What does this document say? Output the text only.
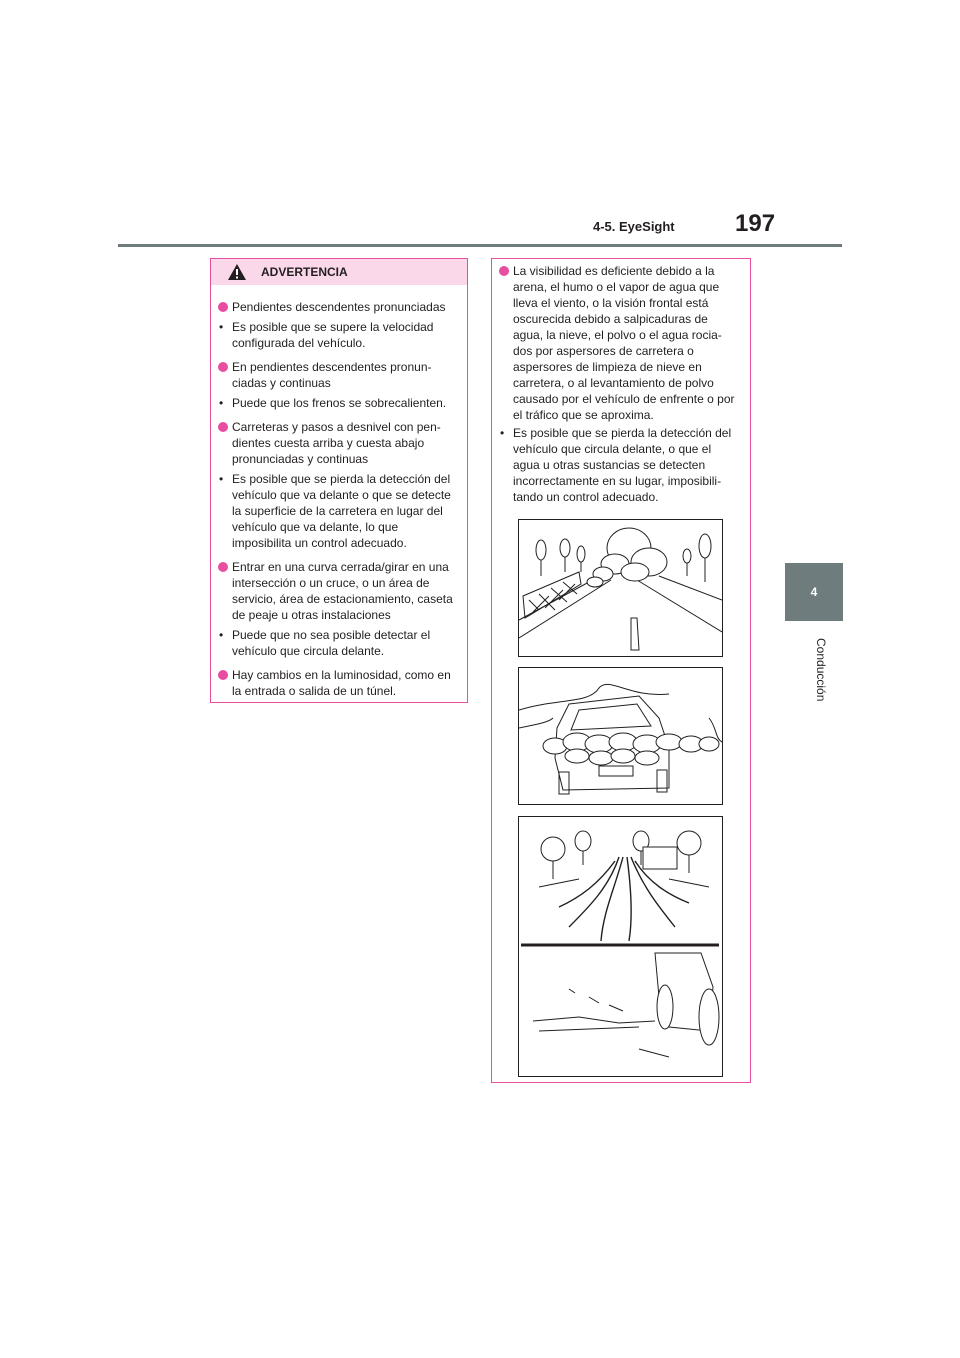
4-5. EyeSight	197
4
Conducción
ADVERTENCIA
Pendientes descendentes pronunciadas
• Es posible que se supere la velocidad configurada del vehículo.
En pendientes descendentes pronun- ciadas y continuas
• Puede que los frenos se sobrecalienten.
Carreteras y pasos a desnivel con pen- dientes cuesta arriba y cuesta abajo pronunciadas y continuas
• Es posible que se pierda la detección del vehículo que va delante o que se detecte la superficie de la carretera en lugar del vehículo que va delante, lo que imposibilita un control adecuado.
Entrar en una curva cerrada/girar en una intersección o un cruce, o un área de servicio, área de estacionamiento, caseta de peaje u otras instalaciones
• Puede que no sea posible detectar el vehículo que circula delante.
Hay cambios en la luminosidad, como en la entrada o salida de un túnel.
La visibilidad es deficiente debido a la arena, el humo o el vapor de agua que lleva el viento, o la visión frontal está oscurecida debido a salpicaduras de agua, la nieve, el polvo o el agua rocia- dos por aspersores de carretera o aspersores de limpieza de nieve en carretera, o al levantamiento de polvo causado por el vehículo de enfrente o por el tráfico que se aproxima.
• Es posible que se pierda la detección del vehículo que circula delante, o que el agua u otras sustancias se detecten incorrectamente en su lugar, imposibili- tando un control adecuado.
